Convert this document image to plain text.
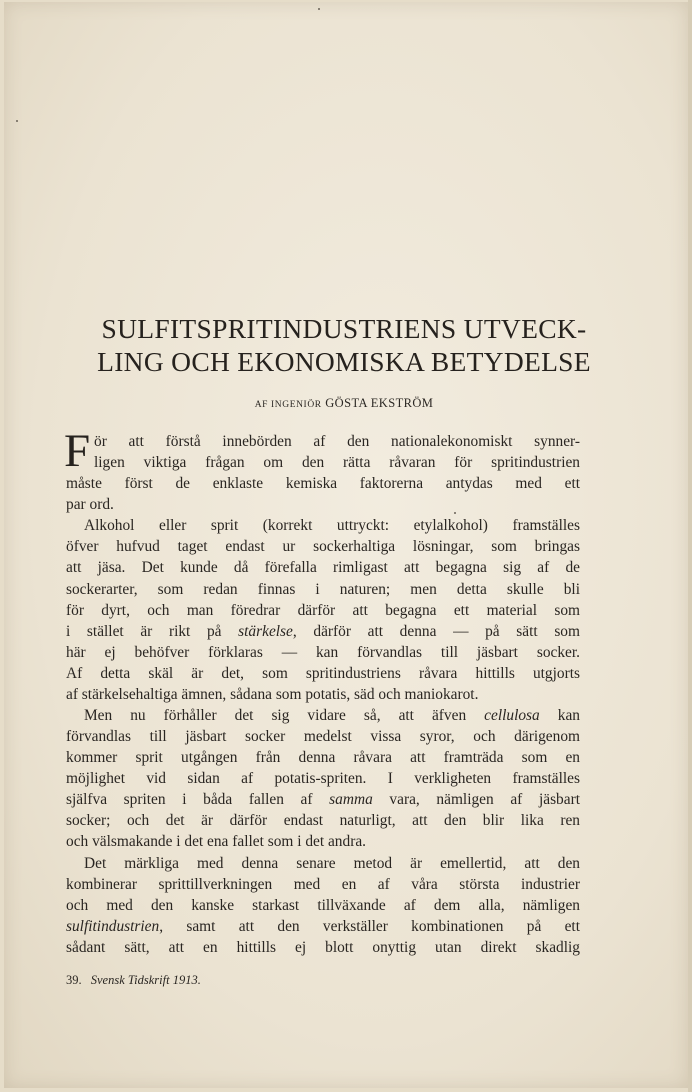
SULFITSPRITINDUSTRIENS UTVECK-
LING OCH EKONOMISKA BETYDELSE
AF INGENIÖR GÖSTA EKSTRÖM
F ör att förstå innebörden af den nationalekonomiskt synner-
ligen viktiga frågan om den rätta råvaran för spritindustrien
måste först de enklaste kemiska faktorerna antydas med ett
par ord.
Alkohol eller sprit (korrekt uttryckt: etylalkohol) framställes
öfver hufvud taget endast ur sockerhaltiga lösningar, som bringas
att jäsa. Det kunde då förefalla rimligast att begagna sig af de
sockerarter, som redan finnas i naturen; men detta skulle bli
för dyrt, och man föredrar därför att begagna ett material som
i stället är rikt på stärkelse, därför att denna — på sätt som
här ej behöfver förklaras — kan förvandlas till jäsbart socker.
Af detta skäl är det, som spritindustriens råvara hittills utgjorts
af stärkelsehaltiga ämnen, sådana som potatis, säd och maniokarot.
Men nu förhåller det sig vidare så, att äfven cellulosa kan
förvandlas till jäsbart socker medelst vissa syror, och därigenom
kommer sprit utgången från denna råvara att framträda som en
möjlighet vid sidan af potatis-spriten. I verkligheten framställes
själfva spriten i båda fallen af samma vara, nämligen af jäsbart
socker; och det är därför endast naturligt, att den blir lika ren
och välsmakande i det ena fallet som i det andra.
Det märkliga med denna senare metod är emellertid, att den
kombinerar sprittillverkningen med en af våra största industrier
och med den kanske starkast tillväxande af dem alla, nämligen
sulfitindustrien, samt att den verkställer kombinationen på ett
sådant sätt, att en hittills ej blott onyttig utan direkt skadlig
39. Svensk Tidskrift 1913.
